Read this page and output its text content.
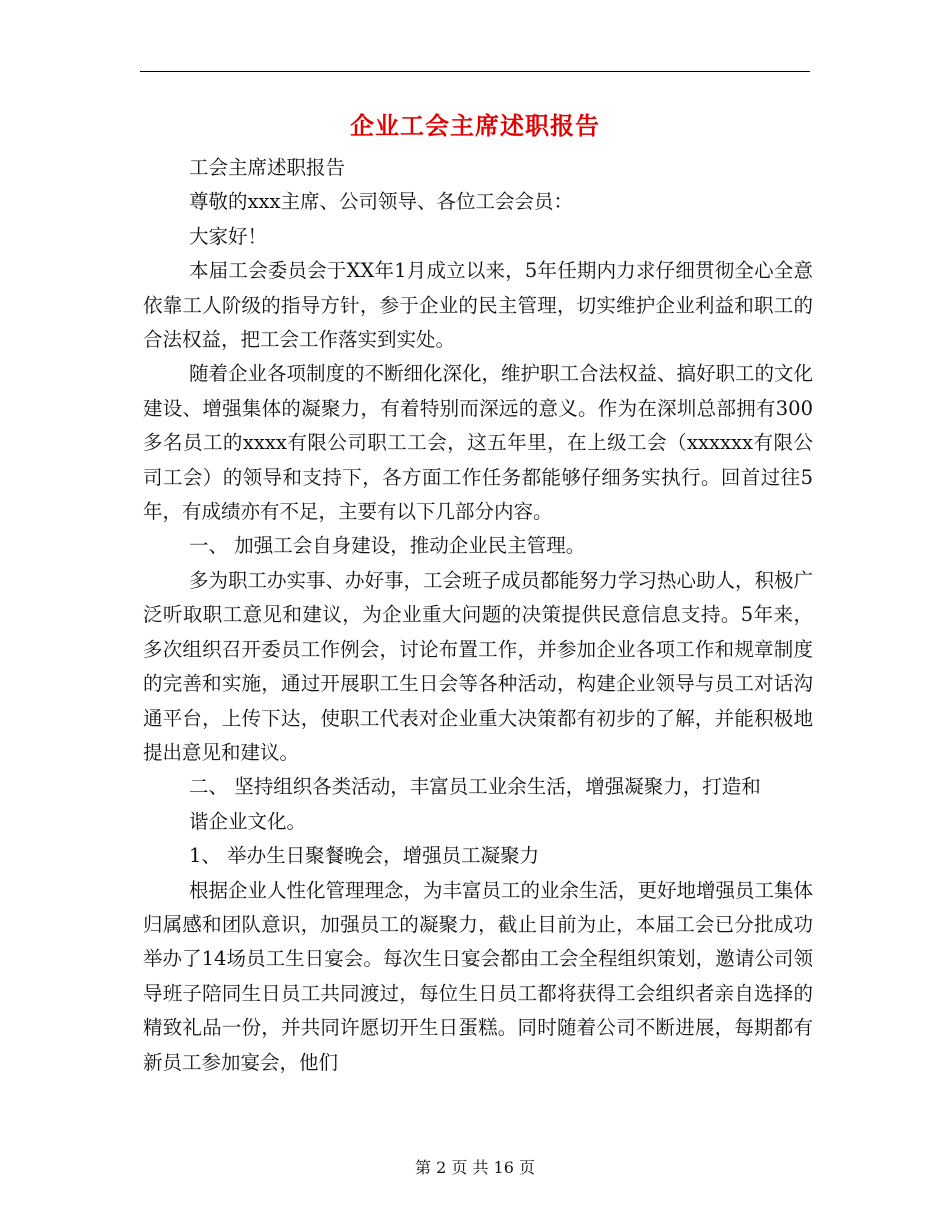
企业工会主席述职报告

工会主席述职报告

尊敬的xxx主席、公司领导、各位工会会员：

大家好！

本届工会委员会于XX年1月成立以来，5年任期内力求仔细贯彻全心全意依靠工人阶级的指导方针，参于企业的民主管理，切实维护企业利益和职工的合法权益，把工会工作落实到实处。

随着企业各项制度的不断细化深化，维护职工合法权益、搞好职工的文化建设、增强集体的凝聚力，有着特别而深远的意义。作为在深圳总部拥有300多名员工的xxxx有限公司职工工会，这五年里，在上级工会（xxxxxx有限公司工会）的领导和支持下，各方面工作任务都能够仔细务实执行。回首过往5年，有成绩亦有不足，主要有以下几部分内容。

一、 加强工会自身建设，推动企业民主管理。

多为职工办实事、办好事，工会班子成员都能努力学习热心助人，积极广泛听取职工意见和建议，为企业重大问题的决策提供民意信息支持。5年来，多次组织召开委员工作例会，讨论布置工作，并参加企业各项工作和规章制度的完善和实施，通过开展职工生日会等各种活动，构建企业领导与员工对话沟通平台，上传下达，使职工代表对企业重大决策都有初步的了解，并能积极地提出意见和建议。

二、 坚持组织各类活动，丰富员工业余生活，增强凝聚力，打造和

谐企业文化。

1、 举办生日聚餐晚会，增强员工凝聚力

根据企业人性化管理理念，为丰富员工的业余生活，更好地增强员工集体归属感和团队意识，加强员工的凝聚力，截止目前为止，本届工会已分批成功举办了14场员工生日宴会。每次生日宴会都由工会全程组织策划，邀请公司领导班子陪同生日员工共同渡过，每位生日员工都将获得工会组织者亲自选择的精致礼品一份，并共同许愿切开生日蛋糕。同时随着公司不断进展，每期都有新员工参加宴会，他们

第 2 页 共 16 页
